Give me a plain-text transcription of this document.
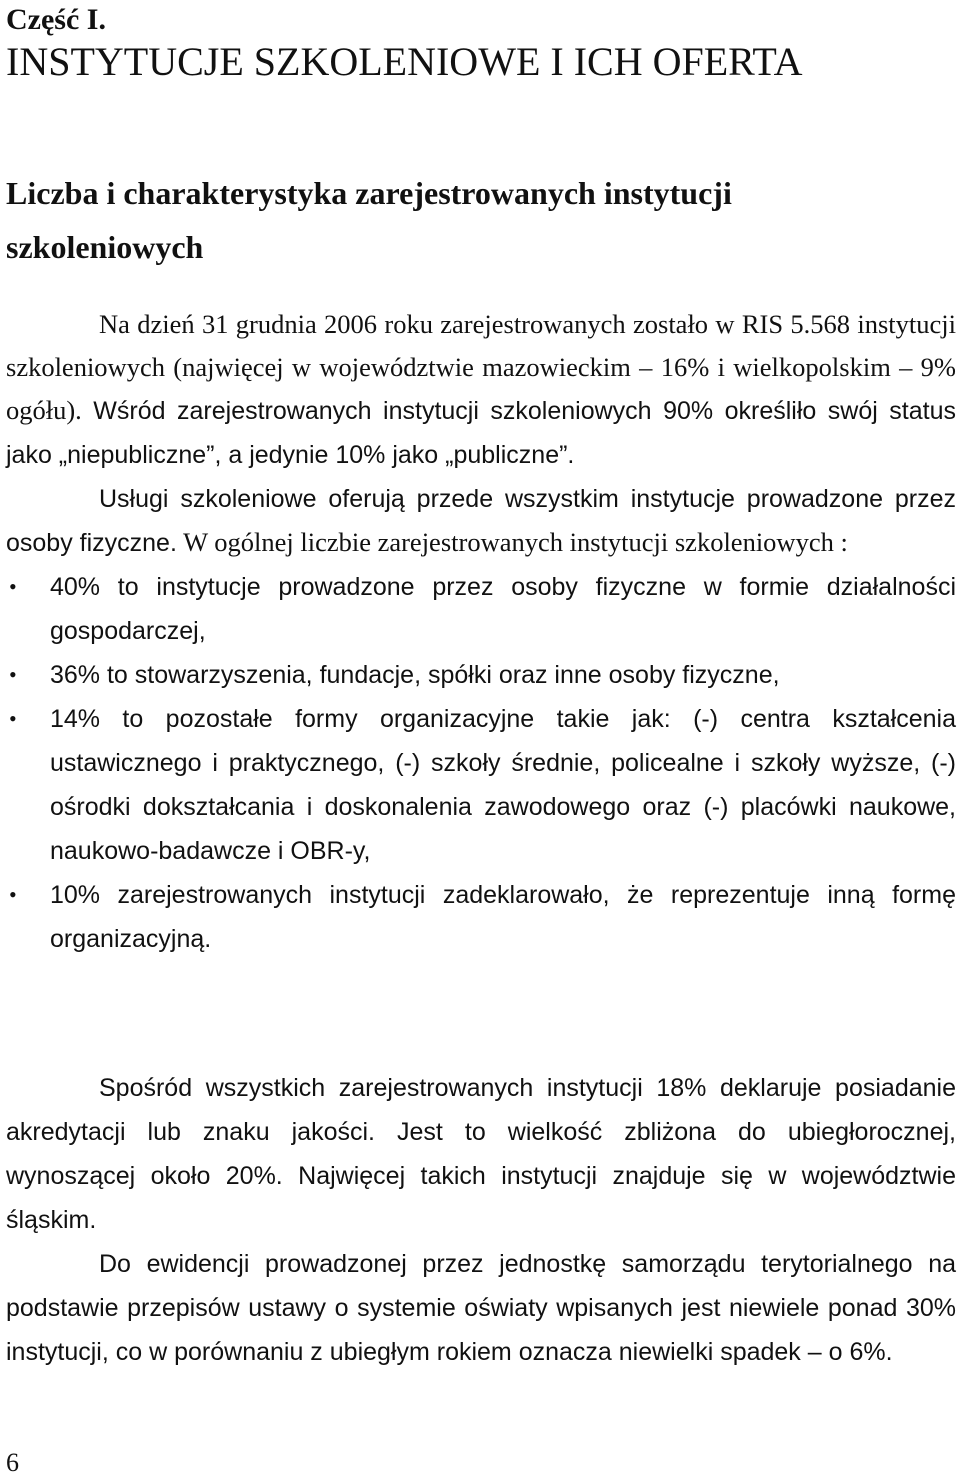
Część I.
INSTYTUCJE SZKOLENIOWE I ICH OFERTA
Liczba i charakterystyka zarejestrowanych instytucji szkoleniowych

Na dzień 31 grudnia 2006 roku zarejestrowanych zostało w RIS 5.568 instytucji szkoleniowych (najwięcej w województwie mazowieckim – 16% i wielkopolskim – 9% ogółu). Wśród zarejestrowanych instytucji szkoleniowych 90% określiło swój status jako „niepubliczne”, a jedynie 10% jako „publiczne”.

Usługi szkoleniowe oferują przede wszystkim instytucje prowadzone przez osoby fizyczne. W ogólnej liczbie zarejestrowanych instytucji szkoleniowych :

• 40% to instytucje prowadzone przez osoby fizyczne w formie działalności gospodarczej,
• 36% to stowarzyszenia, fundacje, spółki oraz inne osoby fizyczne,
• 14% to pozostałe formy organizacyjne takie jak: (-) centra kształcenia ustawicznego i praktycznego, (-) szkoły średnie, policealne i szkoły wyższe, (-) ośrodki dokształcania i doskonalenia zawodowego oraz (-) placówki naukowe, naukowo-badawcze i OBR-y,
• 10% zarejestrowanych instytucji zadeklarowało, że reprezentuje inną formę organizacyjną.

Spośród wszystkich zarejestrowanych instytucji 18% deklaruje posiadanie akredytacji lub znaku jakości. Jest to wielkość zbliżona do ubiegłorocznej, wynoszącej około 20%. Najwięcej takich instytucji znajduje się w województwie śląskim.

Do ewidencji prowadzonej przez jednostkę samorządu terytorialnego na podstawie przepisów ustawy o systemie oświaty wpisanych jest niewiele ponad 30% instytucji, co w porównaniu z ubiegłym rokiem oznacza niewielki spadek – o 6%.

6
